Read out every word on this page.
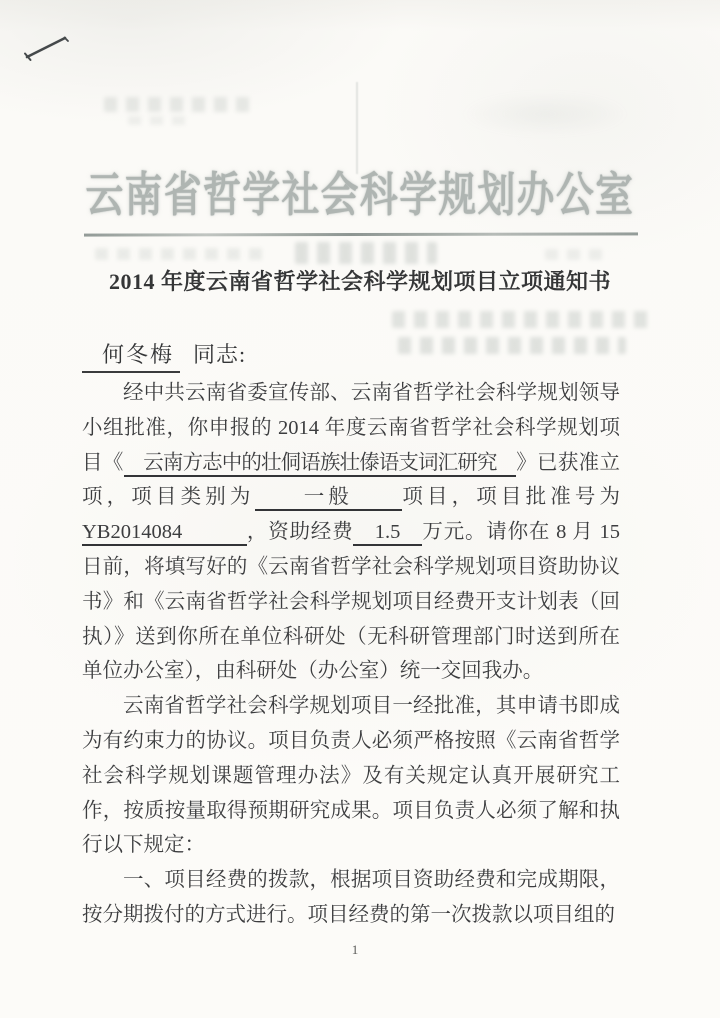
云南省哲学社会科学规划办公室
2014 年度云南省哲学社会科学规划项目立项通知书
何冬梅 同志:

经中共云南省委宣传部、云南省哲学社会科学规划领导小组批准，你申报的 2014 年度云南省哲学社会科学规划项目《　云南方志中的壮侗语族壮傣语支词汇研究　》已获准立项，项目类别为　　一般　　项目，项目批准号为YB2014084　　　，资助经费　1.5　万元。请你在 8 月 15 日前，将填写好的《云南省哲学社会科学规划项目资助协议书》和《云南省哲学社会科学规划项目经费开支计划表（回执）》送到你所在单位科研处（无科研管理部门时送到所在单位办公室），由科研处（办公室）统一交回我办。

云南省哲学社会科学规划项目一经批准，其申请书即成为有约束力的协议。项目负责人必须严格按照《云南省哲学社会科学规划课题管理办法》及有关规定认真开展研究工作，按质按量取得预期研究成果。项目负责人必须了解和执行以下规定：

一、项目经费的拨款，根据项目资助经费和完成期限，按分期拨付的方式进行。项目经费的第一次拨款以项目组的

1
